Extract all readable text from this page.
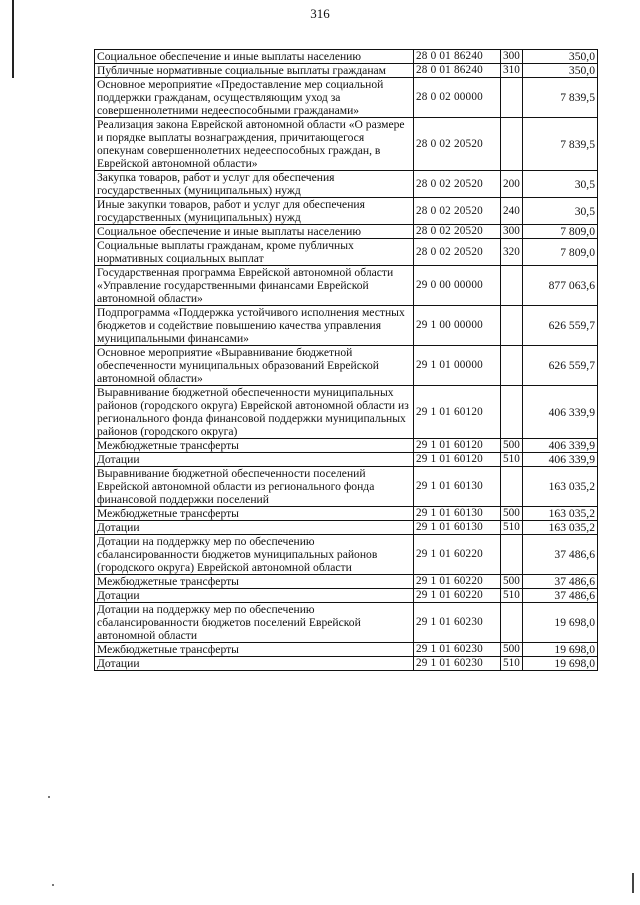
316
Социальное обеспечение и иные выплаты населению	28 0 01 86240	300	350,0
Публичные нормативные социальные выплаты гражданам	28 0 01 86240	310	350,0
Основное мероприятие «Предоставление мер социальной поддержки гражданам, осуществляющим уход за совершеннолетними недееспособными гражданами»	28 0 02 00000		7 839,5
Реализация закона Еврейской автономной области «О размере и порядке выплаты вознаграждения, причитающегося опекунам совершеннолетних недееспособных граждан, в Еврейской автономной области»	28 0 02 20520		7 839,5
Закупка товаров, работ и услуг для обеспечения государственных (муниципальных) нужд	28 0 02 20520	200	30,5
Иные закупки товаров, работ и услуг для обеспечения государственных (муниципальных) нужд	28 0 02 20520	240	30,5
Социальное обеспечение и иные выплаты населению	28 0 02 20520	300	7 809,0
Социальные выплаты гражданам, кроме публичных нормативных социальных выплат	28 0 02 20520	320	7 809,0
Государственная программа Еврейской автономной области «Управление государственными финансами Еврейской автономной области»	29 0 00 00000		877 063,6
Подпрограмма «Поддержка устойчивого исполнения местных бюджетов и содействие повышению качества управления муниципальными финансами»	29 1 00 00000		626 559,7
Основное мероприятие «Выравнивание бюджетной обеспеченности муниципальных образований Еврейской автономной области»	29 1 01 00000		626 559,7
Выравнивание бюджетной обеспеченности муниципальных районов (городского округа) Еврейской автономной области из регионального фонда финансовой поддержки муниципальных районов (городского округа)	29 1 01 60120		406 339,9
Межбюджетные трансферты	29 1 01 60120	500	406 339,9
Дотации	29 1 01 60120	510	406 339,9
Выравнивание бюджетной обеспеченности поселений Еврейской автономной области из регионального фонда финансовой поддержки поселений	29 1 01 60130		163 035,2
Межбюджетные трансферты	29 1 01 60130	500	163 035,2
Дотации	29 1 01 60130	510	163 035,2
Дотации на поддержку мер по обеспечению сбалансированности бюджетов муниципальных районов (городского округа) Еврейской автономной области	29 1 01 60220		37 486,6
Межбюджетные трансферты	29 1 01 60220	500	37 486,6
Дотации	29 1 01 60220	510	37 486,6
Дотации на поддержку мер по обеспечению сбалансированности бюджетов поселений Еврейской автономной области	29 1 01 60230		19 698,0
Межбюджетные трансферты	29 1 01 60230	500	19 698,0
Дотации	29 1 01 60230	510	19 698,0
